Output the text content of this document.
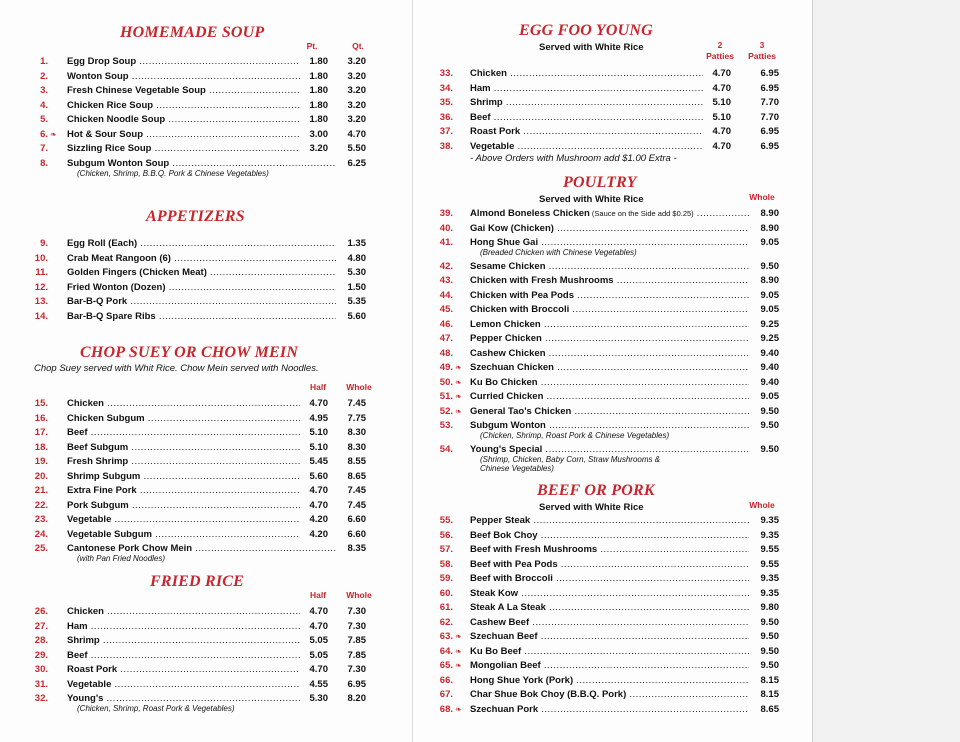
HOMEMADE SOUP
Pt.	Qt.
1. Egg Drop Soup .....	1.80	3.20
2. Wonton Soup .....	1.80	3.20
3. Fresh Chinese Vegetable Soup .....	1.80	3.20
4. Chicken Rice Soup .....	1.80	3.20
5. Chicken Noodle Soup .....	1.80	3.20
6. ❧ Hot & Sour Soup .....	3.00	4.70
7. Sizzling Rice Soup .....	3.20	5.50
8. Subgum Wonton Soup .....	6.25
(Chicken, Shrimp, B.B.Q. Pork & Chinese Vegetables)
APPETIZERS
9. Egg Roll (Each) .....	1.35
10. Crab Meat Rangoon (6) .....	4.80
11. Golden Fingers (Chicken Meat) .....	5.30
12. Fried Wonton (Dozen) .....	1.50
13. Bar-B-Q Pork .....	5.35
14. Bar-B-Q Spare Ribs .....	5.60
CHOP SUEY OR CHOW MEIN
Chop Suey served with Whit Rice. Chow Mein served with Noodles.
Half	Whole
15. Chicken .....	4.70	7.45
16. Chicken Subgum .....	4.95	7.75
17. Beef .....	5.10	8.30
18. Beef Subgum .....	5.10	8.30
19. Fresh Shrimp .....	5.45	8.55
20. Shrimp Subgum .....	5.60	8.65
21. Extra Fine Pork .....	4.70	7.45
22. Pork Subgum .....	4.70	7.45
23. Vegetable .....	4.20	6.60
24. Vegetable Subgum .....	4.20	6.60
25. Cantonese Pork Chow Mein .....	8.35
(with Pan Fried Noodles)
FRIED RICE
Half	Whole
26. Chicken .....	4.70	7.30
27. Ham .....	4.70	7.30
28. Shrimp .....	5.05	7.85
29. Beef .....	5.05	7.85
30. Roast Pork .....	4.70	7.30
31. Vegetable .....	4.55	6.95
32. Young's .....	5.30	8.20
(Chicken, Shrimp, Roast Pork & Vegetables)
EGG FOO YOUNG
Served with White Rice	2
Patties
3
Patties
33. Chicken .....	4.70	6.95
34. Ham .....	4.70	6.95
35. Shrimp .....	5.10	7.70
36. Beef .....	5.10	7.70
37. Roast Pork .....	4.70	6.95
38. Vegetable .....	4.70	6.95
- Above Orders with Mushroom add $1.00 Extra -
POULTRY
Served with White Rice	Whole
39. Almond Boneless Chicken (Sauce on the Side add $0.25) .....	8.90
40. Gai Kow (Chicken) .....	8.90
41. Hong Shue Gai .....	9.05
(Breaded Chicken with Chinese Vegetables)
42. Sesame Chicken .....	9.50
43. Chicken with Fresh Mushrooms .....	8.90
44. Chicken with Pea Pods .....	9.05
45. Chicken with Broccoli .....	9.05
46. Lemon Chicken .....	9.25
47. Pepper Chicken .....	9.25
48. Cashew Chicken .....	9.40
49. ❧ Szechuan Chicken .....	9.40
50. ❧ Ku Bo Chicken .....	9.40
51. ❧ Curried Chicken .....	9.05
52. ❧ General Tao's Chicken .....	9.50
53. Subgum Wonton .....	9.50
(Chicken, Shrimp, Roast Pork & Chinese Vegetables)
54. Young's Special .....	9.50
(Shrimp, Chicken, Baby Corn, Straw Mushrooms &
Chinese Vegetables)
BEEF OR PORK
Served with White Rice	Whole
55. Pepper Steak .....	9.35
56. Beef Bok Choy .....	9.35
57. Beef with Fresh Mushrooms .....	9.55
58. Beef with Pea Pods .....	9.55
59. Beef with Broccoli .....	9.35
60. Steak Kow .....	9.35
61. Steak A La Steak .....	9.80
62. Cashew Beef .....	9.50
63. ❧ Szechuan Beef .....	9.50
64. ❧ Ku Bo Beef .....	9.50
65. ❧ Mongolian Beef .....	9.50
66. Hong Shue York (Pork) .....	8.15
67. Char Shue Bok Choy (B.B.Q. Pork) .....	8.15
68. ❧ Szechuan Pork .....	8.65
